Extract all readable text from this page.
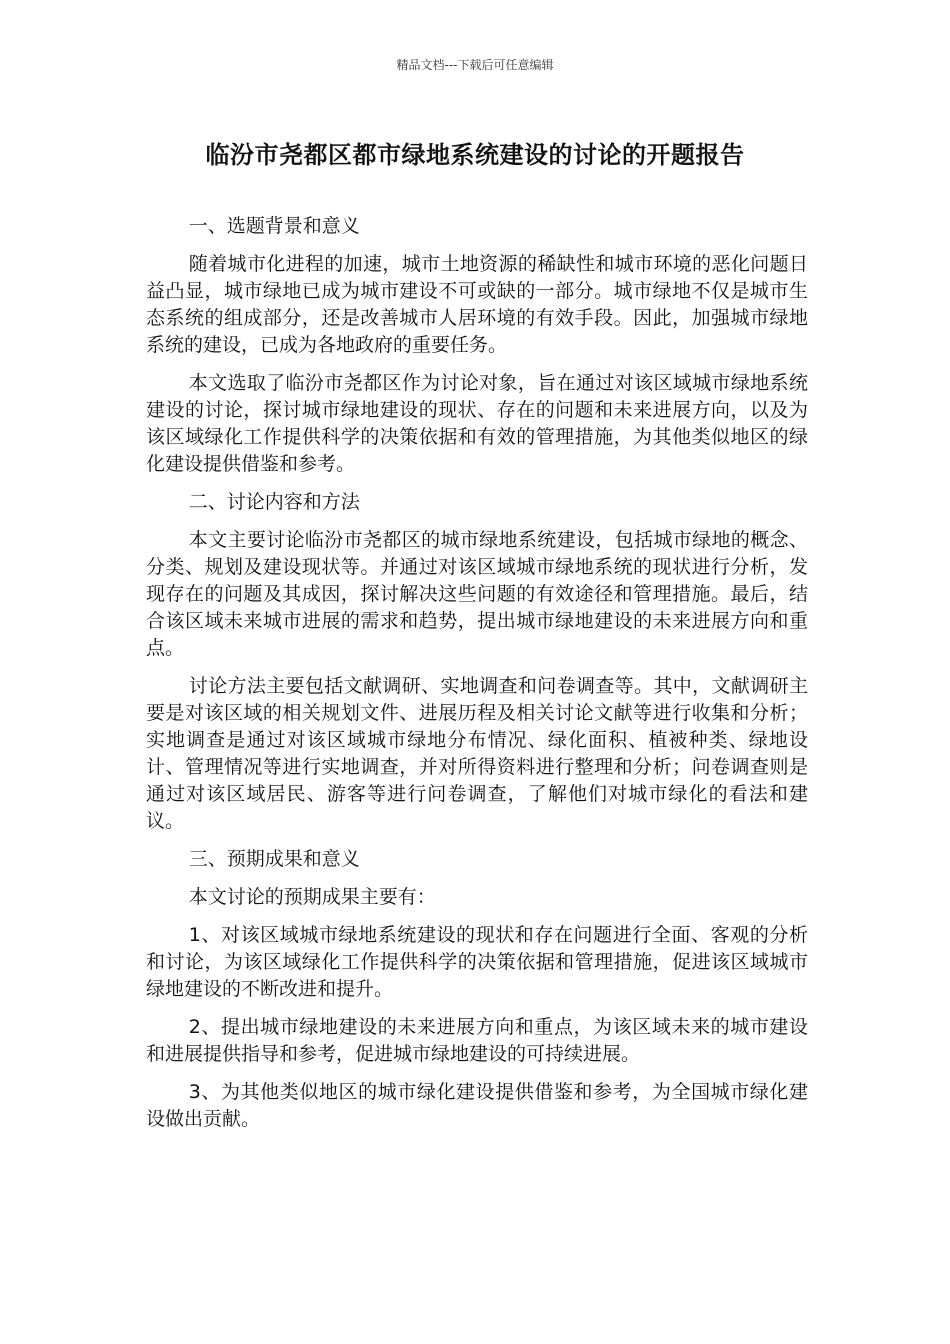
精品文档---下载后可任意编辑
临汾市尧都区都市绿地系统建设的讨论的开题报告

一、选题背景和意义

随着城市化进程的加速，城市土地资源的稀缺性和城市环境的恶化问题日益凸显，城市绿地已成为城市建设不可或缺的一部分。城市绿地不仅是城市生态系统的组成部分，还是改善城市人居环境的有效手段。因此，加强城市绿地系统的建设，已成为各地政府的重要任务。

本文选取了临汾市尧都区作为讨论对象，旨在通过对该区域城市绿地系统建设的讨论，探讨城市绿地建设的现状、存在的问题和未来进展方向，以及为该区域绿化工作提供科学的决策依据和有效的管理措施，为其他类似地区的绿化建设提供借鉴和参考。

二、讨论内容和方法

本文主要讨论临汾市尧都区的城市绿地系统建设，包括城市绿地的概念、分类、规划及建设现状等。并通过对该区域城市绿地系统的现状进行分析，发现存在的问题及其成因，探讨解决这些问题的有效途径和管理措施。最后，结合该区域未来城市进展的需求和趋势，提出城市绿地建设的未来进展方向和重点。

讨论方法主要包括文献调研、实地调查和问卷调查等。其中，文献调研主要是对该区域的相关规划文件、进展历程及相关讨论文献等进行收集和分析；实地调查是通过对该区域城市绿地分布情况、绿化面积、植被种类、绿地设计、管理情况等进行实地调查，并对所得资料进行整理和分析；问卷调查则是通过对该区域居民、游客等进行问卷调查，了解他们对城市绿化的看法和建议。

三、预期成果和意义

本文讨论的预期成果主要有：

1、对该区域城市绿地系统建设的现状和存在问题进行全面、客观的分析和讨论，为该区域绿化工作提供科学的决策依据和管理措施，促进该区域城市绿地建设的不断改进和提升。

2、提出城市绿地建设的未来进展方向和重点，为该区域未来的城市建设和进展提供指导和参考，促进城市绿地建设的可持续进展。

3、为其他类似地区的城市绿化建设提供借鉴和参考，为全国城市绿化建设做出贡献。
